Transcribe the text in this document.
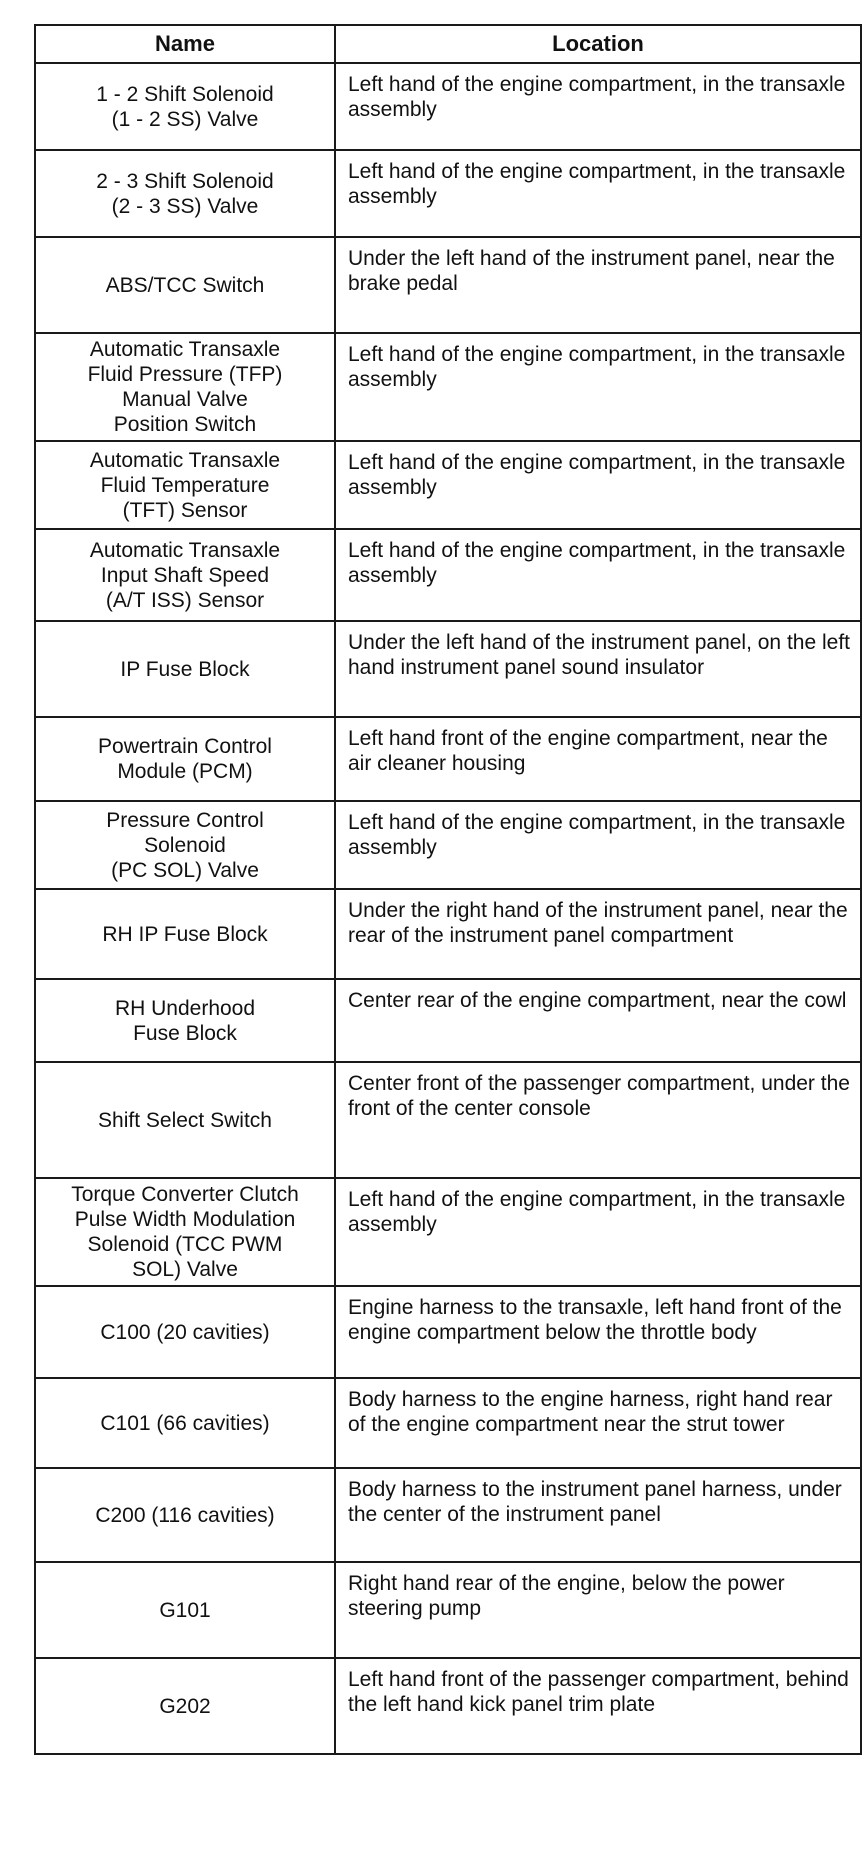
Name	Location
1 - 2 Shift Solenoid
(1 - 2 SS) Valve	Left hand of the engine compartment, in the transaxle assembly
2 - 3 Shift Solenoid
(2 - 3 SS) Valve	Left hand of the engine compartment, in the transaxle assembly
ABS/TCC Switch	Under the left hand of the instrument panel, near the brake pedal
Automatic Transaxle
Fluid Pressure (TFP)
Manual Valve
Position Switch	Left hand of the engine compartment, in the transaxle assembly
Automatic Transaxle
Fluid Temperature
(TFT) Sensor	Left hand of the engine compartment, in the transaxle assembly
Automatic Transaxle
Input Shaft Speed
(A/T ISS) Sensor	Left hand of the engine compartment, in the transaxle assembly
IP Fuse Block	Under the left hand of the instrument panel, on the left hand instrument panel sound insulator
Powertrain Control
Module (PCM)	Left hand front of the engine compartment, near the air cleaner housing
Pressure Control
Solenoid
(PC SOL) Valve	Left hand of the engine compartment, in the transaxle assembly
RH IP Fuse Block	Under the right hand of the instrument panel, near the rear of the instrument panel compartment
RH Underhood
Fuse Block	Center rear of the engine compartment, near the cowl
Shift Select Switch	Center front of the passenger compartment, under the front of the center console
Torque Converter Clutch
Pulse Width Modulation
Solenoid (TCC PWM
SOL) Valve	Left hand of the engine compartment, in the transaxle assembly
C100 (20 cavities)	Engine harness to the transaxle, left hand front of the engine compartment below the throttle body
C101 (66 cavities)	Body harness to the engine harness, right hand rear of the engine compartment near the strut tower
C200 (116 cavities)	Body harness to the instrument panel harness, under the center of the instrument panel
G101	Right hand rear of the engine, below the power steering pump
G202	Left hand front of the passenger compartment, behind the left hand kick panel trim plate
